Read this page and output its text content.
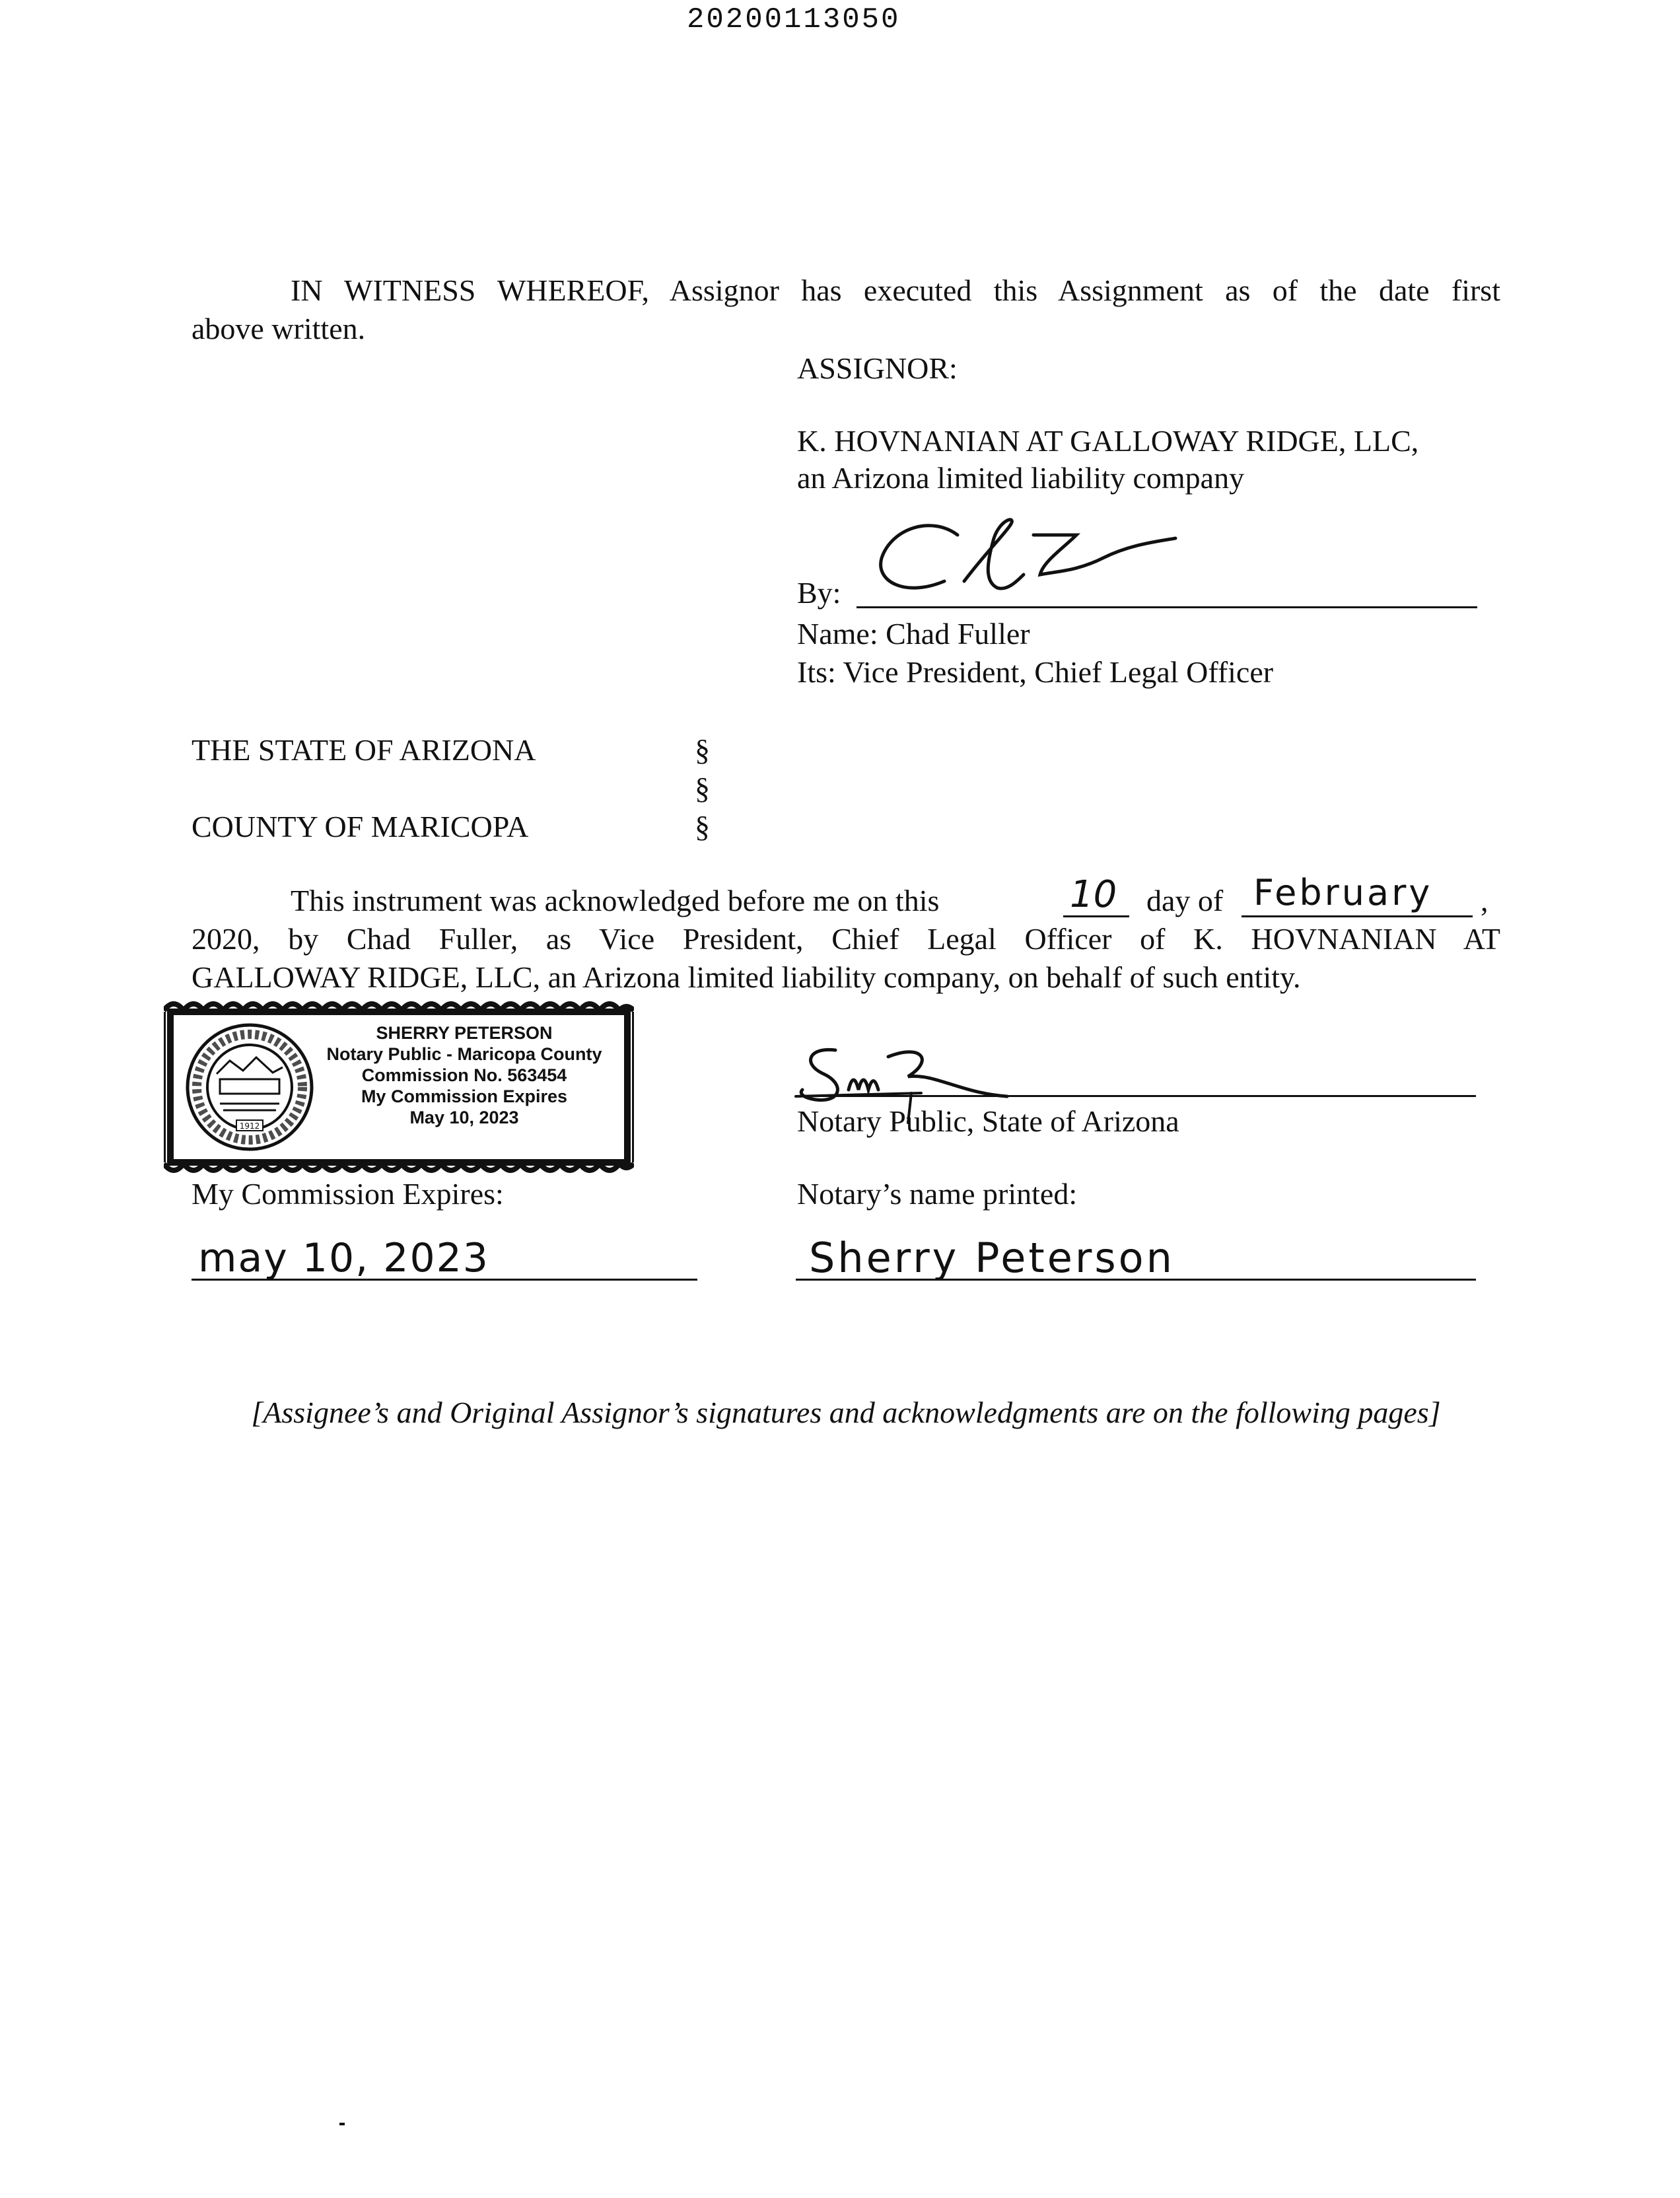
20200113050
IN WITNESS WHEREOF, Assignor has executed this Assignment as of the date first
above written.
ASSIGNOR:
K. HOVNANIAN AT GALLOWAY RIDGE, LLC,
an Arizona limited liability company
By:
Name: Chad Fuller
Its: Vice President, Chief Legal Officer
THE STATE OF ARIZONA	§
§
COUNTY OF MARICOPA	§
This instrument was acknowledged before me on this	10 day of February ,
2020, by Chad Fuller, as Vice President, Chief Legal Officer of K. HOVNANIAN AT
GALLOWAY RIDGE, LLC, an Arizona limited liability company, on behalf of such entity.
1912
SHERRY PETERSON
Notary Public - Maricopa County
Commission No. 563454
My Commission Expires
May 10, 2023	Notary Public, State of Arizona
My Commission Expires:	Notary’s name printed:
may 10, 2023	Sherry Peterson
[Assignee’s and Original Assignor’s signatures and acknowledgments are on the following pages]
